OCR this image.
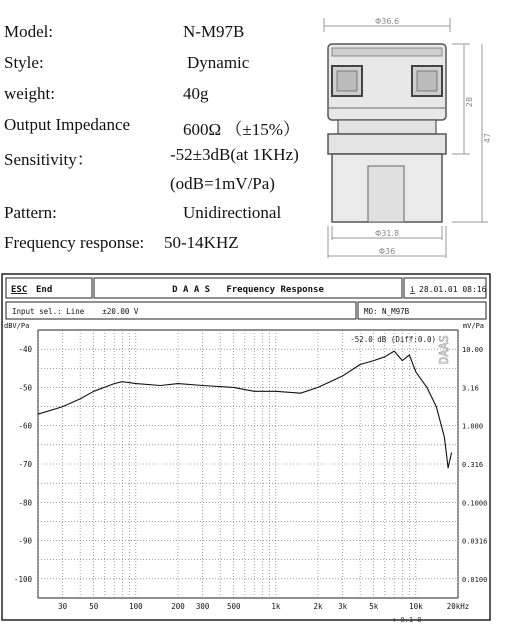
Model:	N-M97B
Style:	Dynamic
weight:	40g
Output Impedance	600Ω （±15%）
Sensitivity：	-52±3dB(at 1KHz)
(odB=1mV/Pa)
Pattern:	Unidirectional
Frequency response: 50-14KHZ
Φ36.6
28
47
Φ31.8
Φ36
ESC End	D A A S   Frequency Response	i 28.01.01 08:16
Input sel.: Line    ±20.00 V	MO: N_M97B
dBV/Pa	mV/Pa
-40	10.00
-50	3.16
-60	1.000
-70	0.316
-80	0.1000
-90	0.0316
-100	0.0100
30	50	100	200 300 500	1k	2k 3k	5k	10k	20kHz
-52.0 dB (Diff:0.0) DAAS
↑ 0.1 0
